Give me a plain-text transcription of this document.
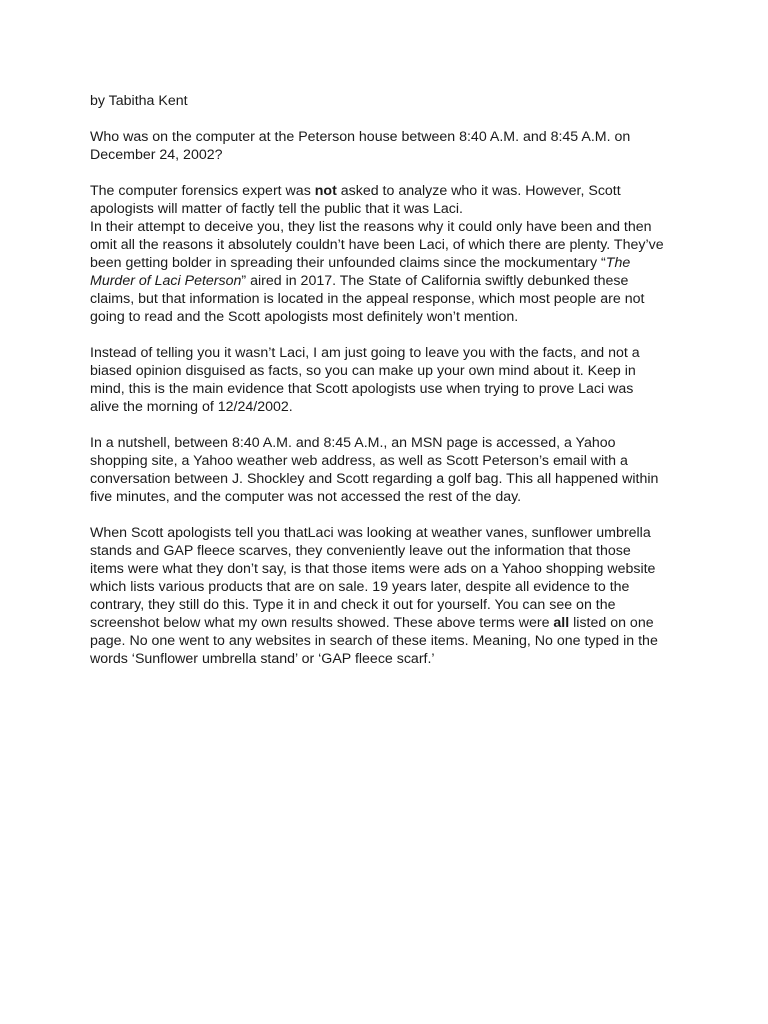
by Tabitha Kent

Who was on the computer at the Peterson house between 8:40 A.M. and 8:45 A.M. on December 24, 2002?

The computer forensics expert was not asked to analyze who it was. However, Scott apologists will matter of factly tell the public that it was Laci.

In their attempt to deceive you, they list the reasons why it could only have been and then omit all the reasons it absolutely couldn’t have been Laci, of which there are plenty. They’ve been getting bolder in spreading their unfounded claims since the mockumentary “The Murder of Laci Peterson” aired in 2017. The State of California swiftly debunked these claims, but that information is located in the appeal response, which most people are not going to read and the Scott apologists most definitely won’t mention.

Instead of telling you it wasn’t Laci, I am just going to leave you with the facts, and not a biased opinion disguised as facts, so you can make up your own mind about it. Keep in mind, this is the main evidence that Scott apologists use when trying to prove Laci was alive the morning of 12/24/2002.

In a nutshell, between 8:40 A.M. and 8:45 A.M., an MSN page is accessed, a Yahoo shopping site, a Yahoo weather web address, as well as Scott Peterson’s email with a conversation between J. Shockley and Scott regarding a golf bag. This all happened within five minutes, and the computer was not accessed the rest of the day.

When Scott apologists tell you thatLaci was looking at weather vanes, sunflower umbrella stands and GAP fleece scarves, they conveniently leave out the information that those items were what they don’t say, is that those items were ads on a Yahoo shopping website which lists various products that are on sale. 19 years later, despite all evidence to the contrary, they still do this. Type it in and check it out for yourself. You can see on the screenshot below what my own results showed. These above terms were all listed on one page. No one went to any websites in search of these items. Meaning, No one typed in the words ‘Sunflower umbrella stand’ or ‘GAP fleece scarf.’
